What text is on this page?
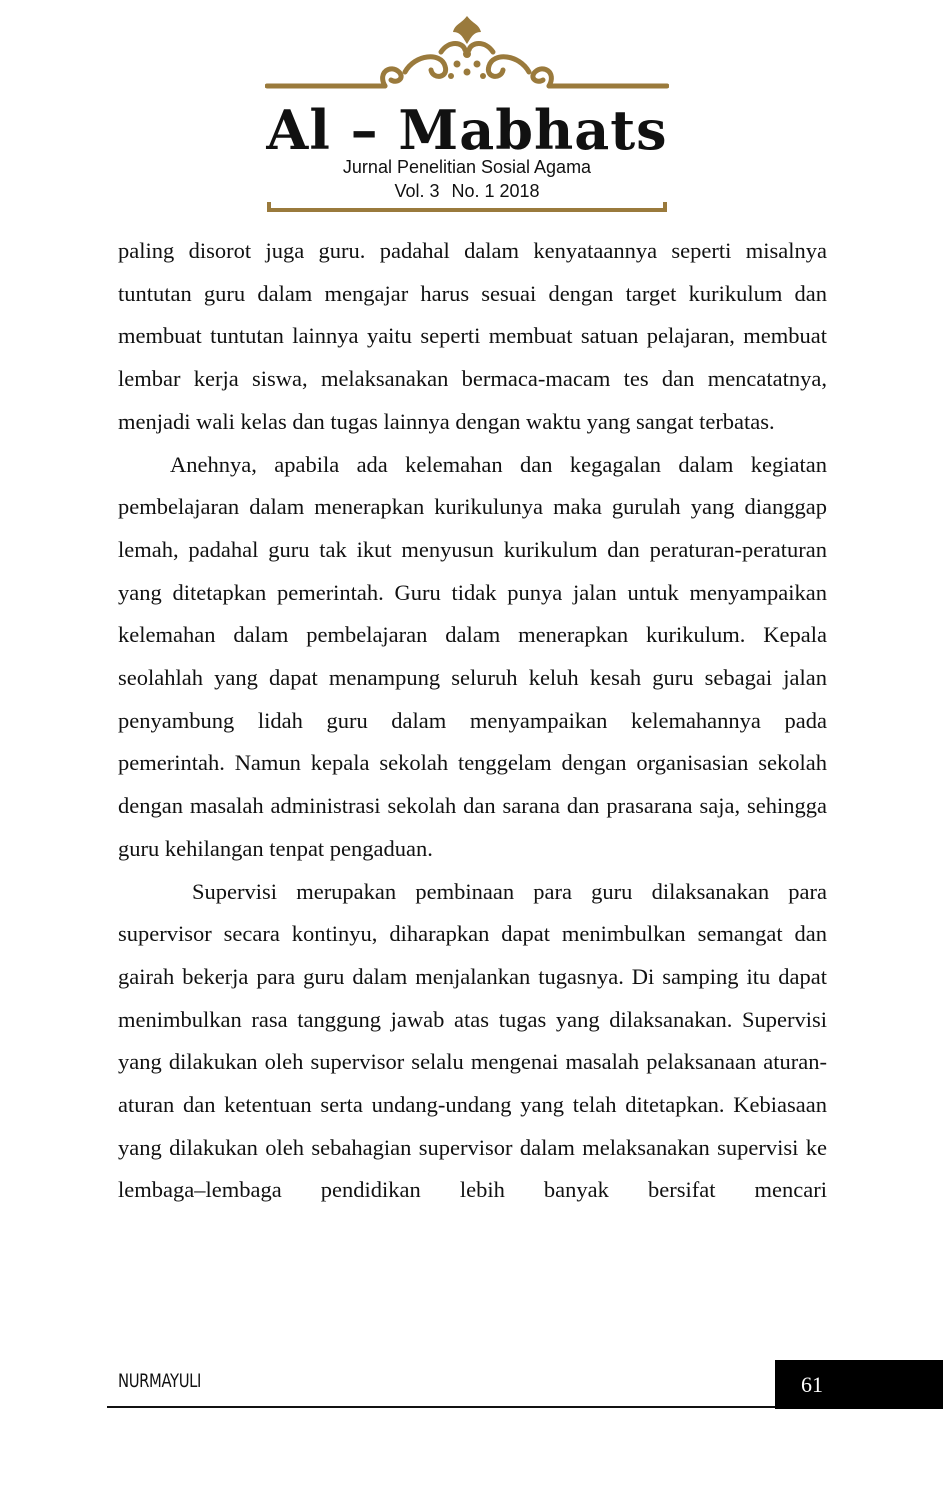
Al – Mabhats
Jurnal Penelitian Sosial Agama
Vol. 3 No. 1 2018

paling disorot juga guru. padahal dalam kenyataannya seperti misalnya tuntutan guru dalam mengajar harus sesuai dengan target kurikulum dan membuat tuntutan lainnya yaitu seperti membuat satuan pelajaran, membuat lembar kerja siswa, melaksanakan bermaca-macam tes dan mencatatnya, menjadi wali kelas dan tugas lainnya dengan waktu yang sangat terbatas.

Anehnya, apabila ada kelemahan dan kegagalan dalam kegiatan pembelajaran dalam menerapkan kurikulunya maka gurulah yang dianggap lemah, padahal guru tak ikut menyusun kurikulum dan peraturan-peraturan yang ditetapkan pemerintah. Guru tidak punya jalan untuk menyampaikan kelemahan dalam pembelajaran dalam menerapkan kurikulum. Kepala seolahlah yang dapat menampung seluruh keluh kesah guru sebagai jalan penyambung lidah guru dalam menyampaikan kelemahannya pada pemerintah. Namun kepala sekolah tenggelam dengan organisasian sekolah dengan masalah administrasi sekolah dan sarana dan prasarana saja, sehingga guru kehilangan tenpat pengaduan.

Supervisi merupakan pembinaan para guru dilaksanakan para supervisor secara kontinyu, diharapkan dapat menimbulkan semangat dan gairah bekerja para guru dalam menjalankan tugasnya. Di samping itu dapat menimbulkan rasa tanggung jawab atas tugas yang dilaksanakan. Supervisi yang dilakukan oleh supervisor selalu mengenai masalah pelaksanaan aturan- aturan dan ketentuan serta undang-undang yang telah ditetapkan. Kebiasaan yang dilakukan oleh sebahagian supervisor dalam melaksanakan supervisi ke lembaga–lembaga pendidikan lebih banyak bersifat mencari

NURMAYULI	61
